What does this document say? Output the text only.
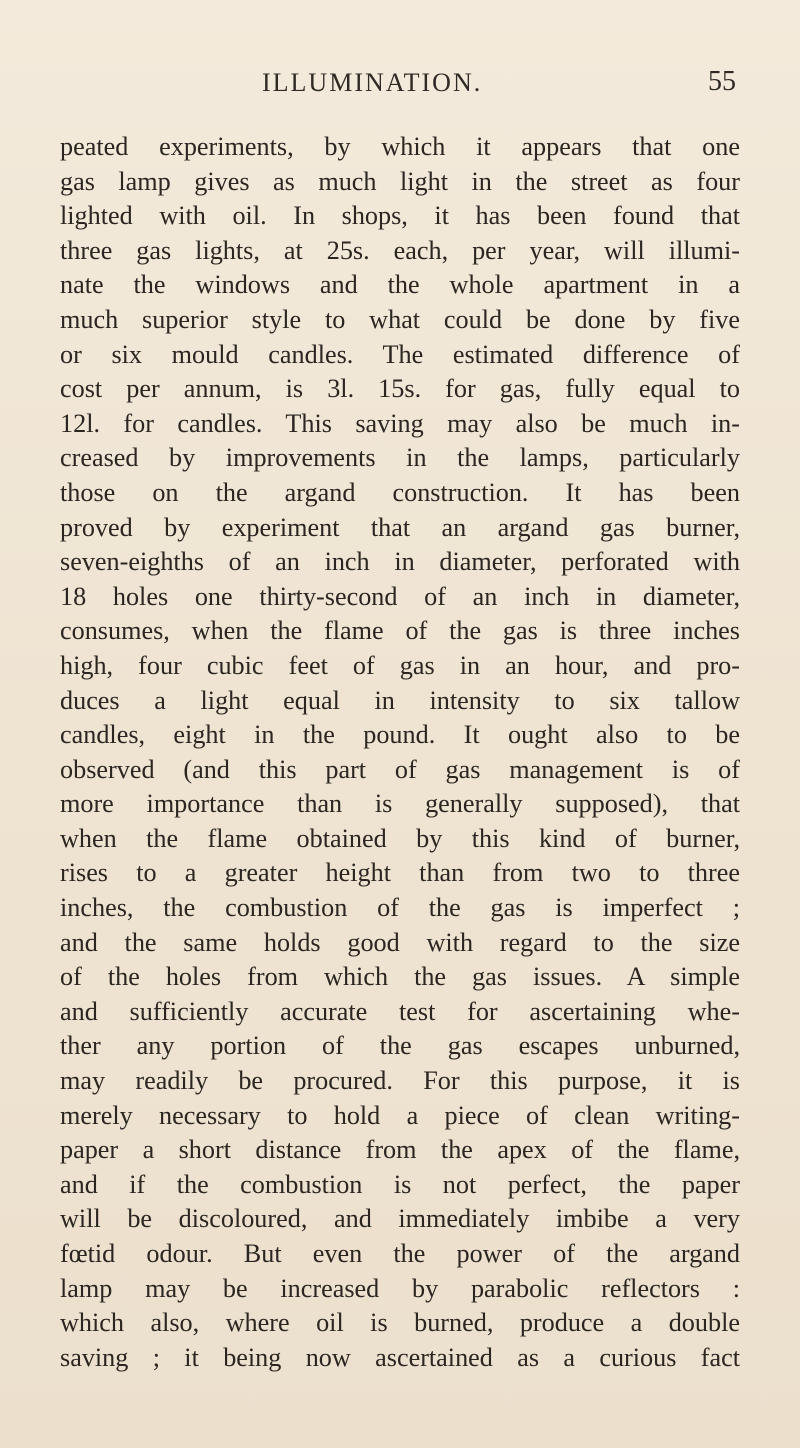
ILLUMINATION.	55
peated experiments, by which it appears that one
gas lamp gives as much light in the street as four
lighted with oil. In shops, it has been found that
three gas lights, at 25s. each, per year, will illumi-
nate the windows and the whole apartment in a
much superior style to what could be done by five
or six mould candles. The estimated difference of
cost per annum, is 3l. 15s. for gas, fully equal to
12l. for candles. This saving may also be much in-
creased by improvements in the lamps, particularly
those on the argand construction. It has been
proved by experiment that an argand gas burner,
seven-eighths of an inch in diameter, perforated with
18 holes one thirty-second of an inch in diameter,
consumes, when the flame of the gas is three inches
high, four cubic feet of gas in an hour, and pro-
duces a light equal in intensity to six tallow
candles, eight in the pound. It ought also to be
observed (and this part of gas management is of
more importance than is generally supposed), that
when the flame obtained by this kind of burner,
rises to a greater height than from two to three
inches, the combustion of the gas is imperfect ;
and the same holds good with regard to the size
of the holes from which the gas issues. A simple
and sufficiently accurate test for ascertaining whe-
ther any portion of the gas escapes unburned,
may readily be procured. For this purpose, it is
merely necessary to hold a piece of clean writing-
paper a short distance from the apex of the flame,
and if the combustion is not perfect, the paper
will be discoloured, and immediately imbibe a very
fœtid odour. But even the power of the argand
lamp may be increased by parabolic reflectors :
which also, where oil is burned, produce a double
saving ; it being now ascertained as a curious fact
